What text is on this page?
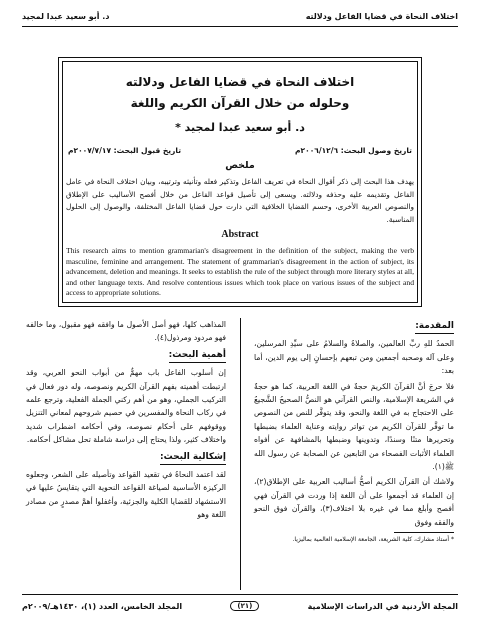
اختلاف النحاة في قضايا الفاعل ودلالته
د. أبو سعيد عبدا لمجيد
اختلاف النحاة في قضايا الفاعل ودلالته
وحلوله من خلال القرآن الكريم واللغة
د. أبو سعيد عبدا لمجيد *
تاريخ وصول البحث: ٢٠٠٦/١٢/٦م
تاريخ قبول البحث: ٢٠٠٧/٧/١٧م
ملخص
يهدف هذا البحث إلى ذكر أقوال النحاة في تعريف الفاعل وتذكير فعله وتأنيثه وترتيبه، وبيان اختلاف النحاة في عامل الفاعل وتقديمه عليه وحذفه ودلالته. ويسعى إلى تأصيل قواعد الفاعل من خلال أفصح الأساليب على الإطلاق والنصوص العربية الأخرى، وحسم القضايا الخلافية التي دارت حول قضايا الفاعل المختلفة، والوصول إلى الحلول المناسبة.
Abstract
This research aims to mention grammarian's disagreement in the definition of the subject, making the verb masculine, feminine and arrangement. The statement of grammarian's disagreement in the action of subject, its advancement, deletion and meanings. It seeks to establish the rule of the subject through more literary styles at all, and other language texts. And resolve contentious issues which took place on various issues of the subject and access to appropriate solutions.
المقدمة:

الحمدُ للهِ ربِّ العالمين، والصلاةُ والسلامُ على سيِّدِ المرسلين، وعلى آله وصحبه أجمعين ومن تبعهم بإحسانٍ إلى يوم الدين، أما بعد:

فلا حرجَ أنَّ القرآنَ الكريمَ حجةٌ في اللغة العربية، كما هو حجةٌ في الشريعة الإسلامية، والنص القرآني هو النصُّ الصحيحُ الشَّجيعُ على الاحتجاج به في اللغة والنحو، وقد يتوفَّر للنص من النصوص ما توفَّر للقرآن الكريم من تواتر روايته وعناية العلماء بضبطها وتحريرها متنًا وسندًا، وتدوينها وضبطها بالمشافهة عن أفواه العلماء الأثبات الفصحاء من التابعين عن الصحابة عن رسول الله ﷺ(١).

ولاشك أن القرآن الكريم أصحُّ أساليب العربية على الإطلاق(٢)، إن العلماء قد أجمعوا على أن اللغة إذا وردت في القرآن فهي أفصح وأبلغ مما في غيره بلا اختلاف(٣)، والقرآن فوق النحو والفقه وفوق

* أستاذ مشارك، كلية الشريعة، الجامعة الإسلامية العالمية بماليزيا.

المذاهب كلها، فهو أصل الأصول ما وافقه فهو مقبول، وما خالفه فهو مردود ومرذول(٤).

أهمية البحث:

إن أسلوب الفاعل باب مهمٌّ من أبواب النحو العربي، وقد ارتبطت أهميته بفهم القرآن الكريم ونصوصه، وله دور فعال في التركيب الجملي، وهو من أهم ركني الجملة الفعلية، وترجع علمه في ركاب النحاة والمفسرين في حصيم شروحهم لمعاني التنزيل ووقوفهم على أحكام نصوصه، وفي أحكامه اضطراب شديد واختلاف كثير، ولذا يحتاج إلى دراسة شاملة تحل مشاكل أحكامه.

إشكالية البحث:

لقد اعتمد النحاةُ في تقعيد القواعد وتأصيله على الشعر، وجعلوه الركيزة الأساسية لصياغة القواعد النحوية التي يتقايسُ عليها في الاستشهاد للقضايا الكلية والجزئية، وأغفلوا أهمَّ مصدرٍ من مصادر اللغة وهو

المجلة الأردنية في الدراسات الإسلامية
(٢١)
المجلد الخامس، العدد (١)، ١٤٣٠هـ/٢٠٠٩م
